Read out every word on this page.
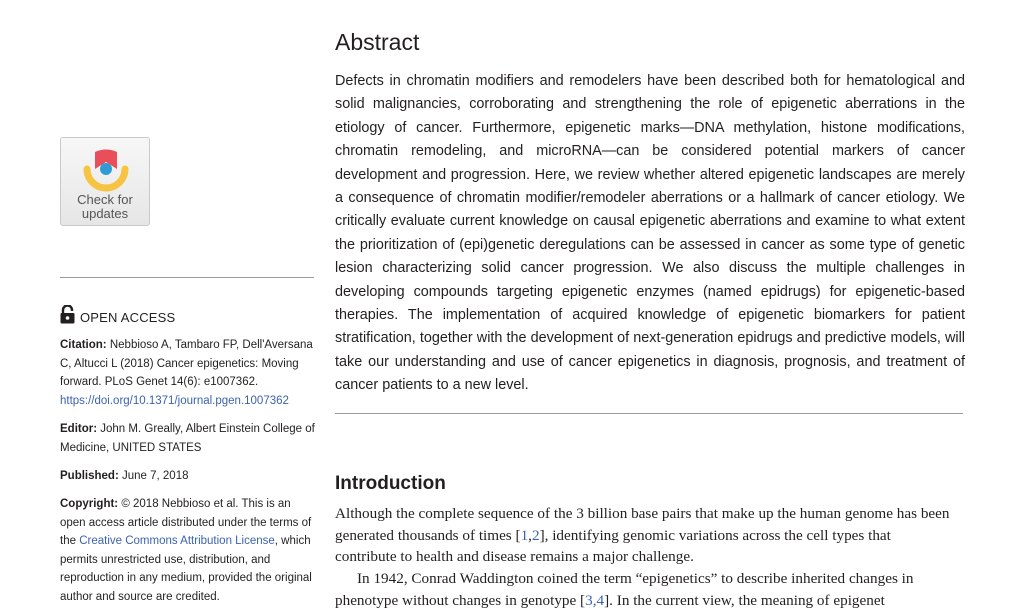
Check for
updates
OPEN ACCESS
Citation: Nebbioso A, Tambaro FP, Dell'Aversana C, Altucci L (2018) Cancer epigenetics: Moving forward. PLoS Genet 14(6): e1007362. https://doi.org/10.1371/journal.pgen.1007362
Editor: John M. Greally, Albert Einstein College of Medicine, UNITED STATES
Published: June 7, 2018
Copyright: © 2018 Nebbioso et al. This is an open access article distributed under the terms of the Creative Commons Attribution License, which permits unrestricted use, distribution, and reproduction in any medium, provided the original author and source are credited.
Abstract

Defects in chromatin modifiers and remodelers have been described both for hematological and solid malignancies, corroborating and strengthening the role of epigenetic aberrations in the etiology of cancer. Furthermore, epigenetic marks—DNA methylation, histone modifications, chromatin remodeling, and microRNA—can be considered potential markers of cancer development and progression. Here, we review whether altered epigenetic landscapes are merely a consequence of chromatin modifier/remodeler aberrations or a hallmark of cancer etiology. We critically evaluate current knowledge on causal epigenetic aberrations and examine to what extent the prioritization of (epi)genetic deregulations can be assessed in cancer as some type of genetic lesion characterizing solid cancer progression. We also discuss the multiple challenges in developing compounds targeting epigenetic enzymes (named epidrugs) for epigenetic-based therapies. The implementation of acquired knowledge of epigenetic biomarkers for patient stratification, together with the development of next-generation epidrugs and predictive models, will take our understanding and use of cancer epigenetics in diagnosis, prognosis, and treatment of cancer patients to a new level.

Introduction

Although the complete sequence of the 3 billion base pairs that make up the human genome has been generated thousands of times [1,2], identifying genomic variations across the cell types that contribute to health and disease remains a major challenge.

In 1942, Conrad Waddington coined the term “epigenetics” to describe inherited changes in phenotype without changes in genotype [3,4]. In the current view, the meaning of epigenet
